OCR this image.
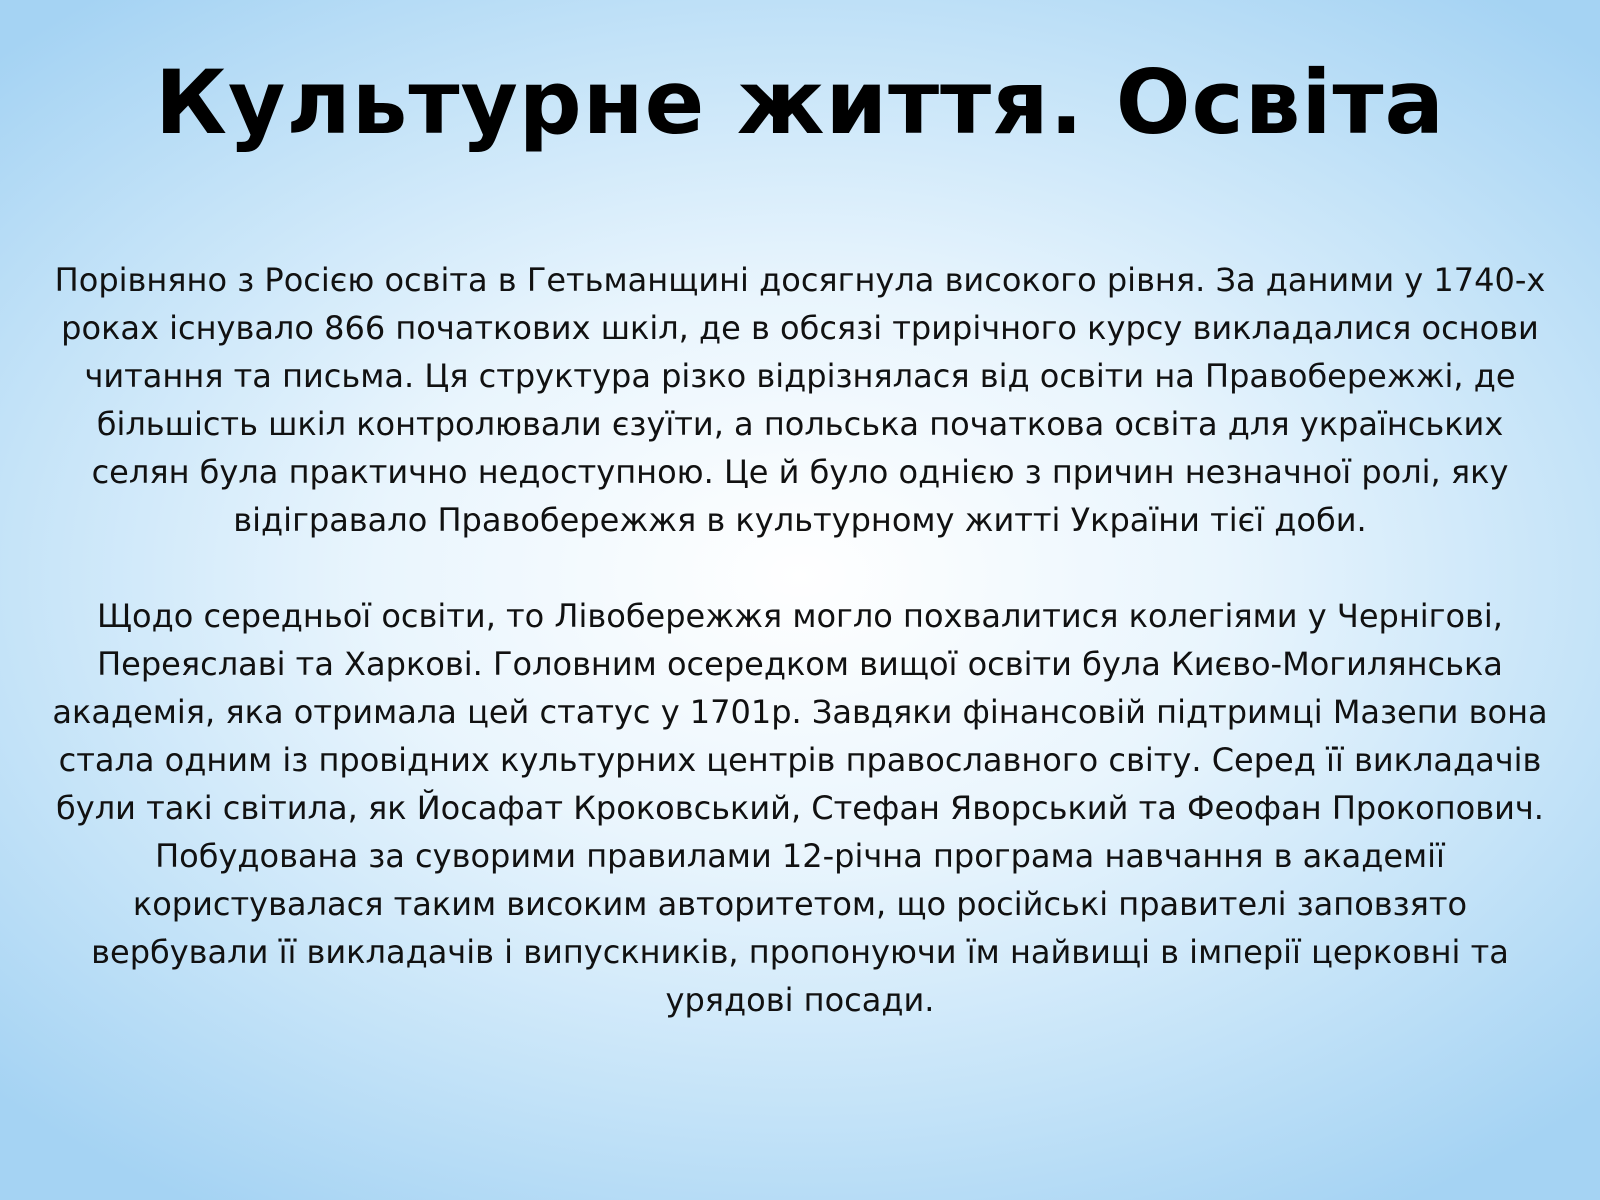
Культурне життя. Освіта

Порівняно з Росією освіта в Гетьманщині досягнула високого рівня. За даними у 1740-х роках існувало 866 початкових шкіл, де в обсязі трирічного курсу викладалися основи читання та письма. Ця структура різко відрізнялася від освіти на Правобережжі, де більшість шкіл контролювали єзуїти, а польська початкова освіта для українських селян була практично недоступною. Це й було однією з причин незначної ролі, яку відігравало Правобережжя в культурному житті України тієї доби.

Щодо середньої освіти, то Лівобережжя могло похвалитися колегіями у Чернігові, Переяславі та Харкові. Головним осередком вищої освіти була Києво-Могилянська академія, яка отримала цей статус у 1701р. Завдяки фінансовій підтримці Мазепи вона стала одним із провідних культурних центрів православного світу. Серед її викладачів були такі світила, як Йосафат Кроковський, Стефан Яворський та Феофан Прокопович. Побудована за суворими правилами 12-річна програма навчання в академії користувалася таким високим авторитетом, що російські правителі заповзято вербували її викладачів і випускників, пропонуючи їм найвищі в імперії церковні та урядові посади.
